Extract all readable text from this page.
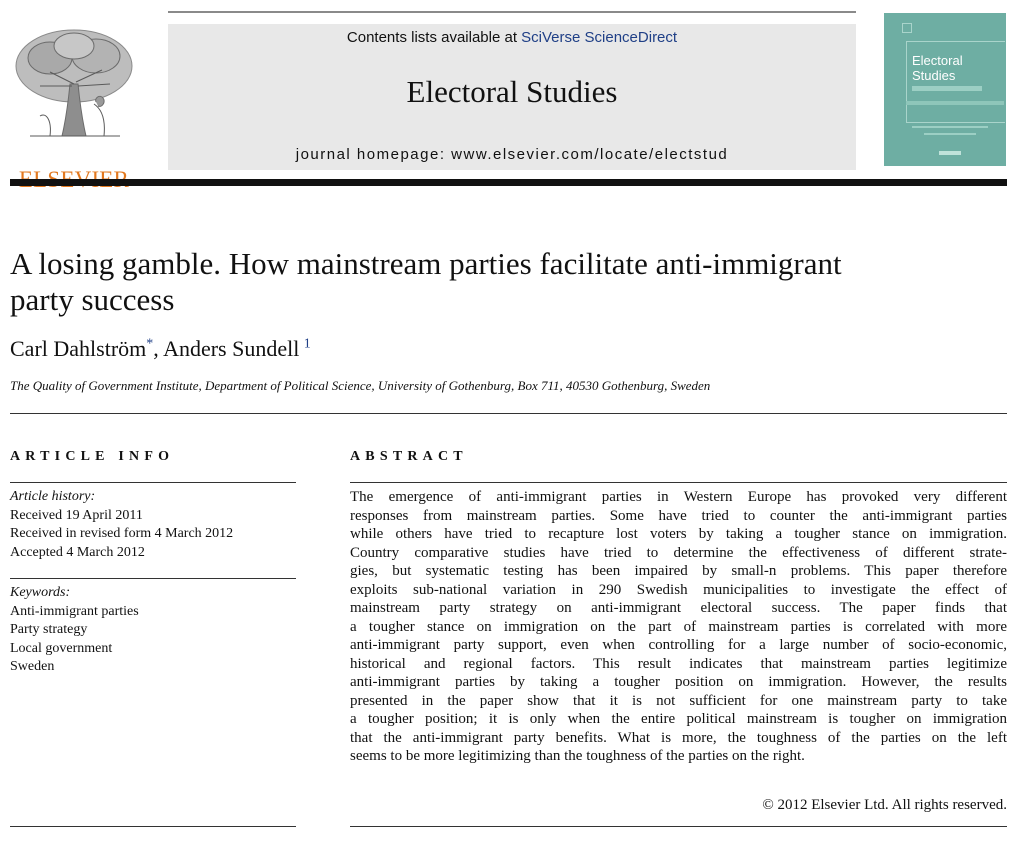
Contents lists available at SciVerse ScienceDirect
Electoral Studies
journal homepage: www.elsevier.com/locate/electstud
Electoral
Studies
A losing gamble. How mainstream parties facilitate anti-immigrant
party success
Carl Dahlström*, Anders Sundell  $^1$
The Quality of Government Institute, Department of Political Science, University of Gothenburg, Box 711, 40530 Gothenburg, Sweden
ARTICLE INFO	ABSTRACT
Article history:
Received 19 April 2011
Received in revised form 4 March 2012
Accepted 4 March 2012
Keywords:
Anti-immigrant parties
Party strategy
Local government
Sweden
The emergence of anti-immigrant parties in Western Europe has provoked very different
responses from mainstream parties. Some have tried to counter the anti-immigrant parties
while others have tried to recapture lost voters by taking a tougher stance on immigration.
Country comparative studies have tried to determine the effectiveness of different strate-
gies, but systematic testing has been impaired by small-n problems. This paper therefore
exploits sub-national variation in 290 Swedish municipalities to investigate the effect of
mainstream party strategy on anti-immigrant electoral success. The paper finds that
a tougher stance on immigration on the part of mainstream parties is correlated with more
anti-immigrant party support, even when controlling for a large number of socio-economic,
historical and regional factors. This result indicates that mainstream parties legitimize
anti-immigrant parties by taking a tougher position on immigration. However, the results
presented in the paper show that it is not sufficient for one mainstream party to take
a tougher position; it is only when the entire political mainstream is tougher on immigration
that the anti-immigrant party benefits. What is more, the toughness of the parties on the left
seems to be more legitimizing than the toughness of the parties on the right.
© 2012 Elsevier Ltd. All rights reserved.
